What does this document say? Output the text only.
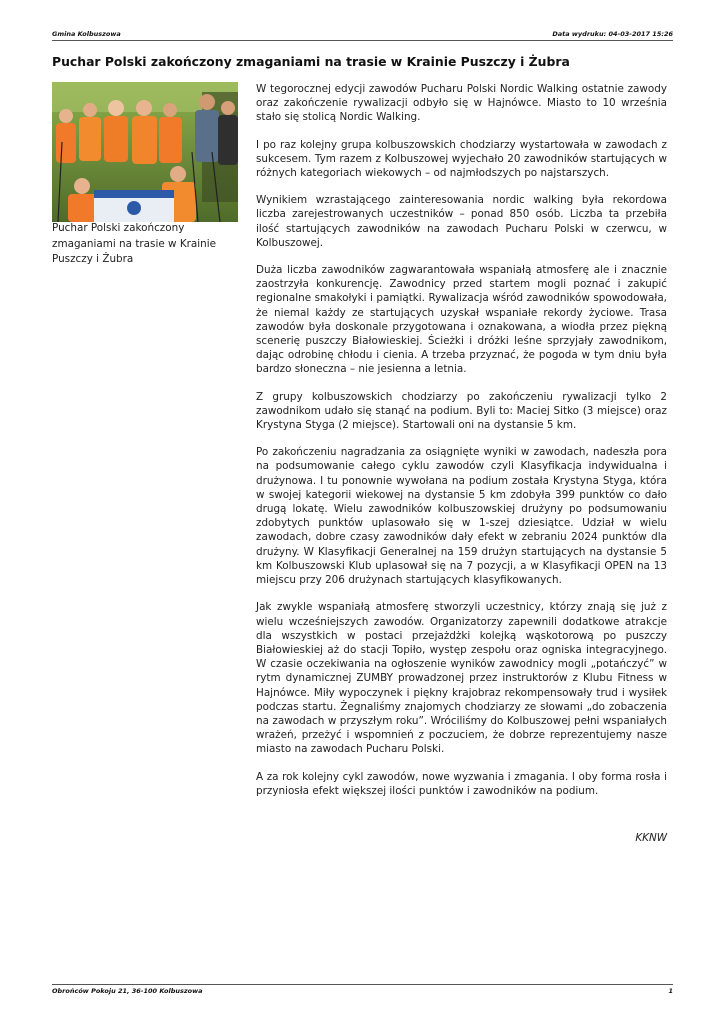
Gmina Kolbuszowa	Data wydruku: 04-03-2017 15:26
Puchar Polski zakończony zmaganiami na trasie w Krainie Puszczy i Żubra
Puchar Polski zakończony zmaganiami na trasie w Krainie Puszczy i Żubra

W tegorocznej edycji zawodów Pucharu Polski Nordic Walking ostatnie zawody oraz zakończenie rywalizacji odbyło się w Hajnówce. Miasto to 10 września stało się stolicą Nordic Walking.

I po raz kolejny grupa kolbuszowskich chodziarzy wystartowała w zawodach z sukcesem. Tym razem z Kolbuszowej wyjechało 20 zawodników startujących w różnych kategoriach wiekowych – od najmłodszych po najstarszych.

Wynikiem wzrastającego zainteresowania nordic walking była rekordowa liczba zarejestrowanych uczestników – ponad 850 osób. Liczba ta przebiła ilość startujących zawodników na zawodach Pucharu Polski w czerwcu, w Kolbuszowej.

Duża liczba zawodników zagwarantowała wspaniałą atmosferę ale i znacznie zaostrzyła konkurencję. Zawodnicy przed startem mogli poznać i zakupić regionalne smakołyki i pamiątki. Rywalizacja wśród zawodników spowodowała, że niemal każdy ze startujących uzyskał wspaniałe rekordy życiowe. Trasa zawodów była doskonale przygotowana i oznakowana, a wiodła przez piękną scenerię puszczy Białowieskiej. Ścieżki i dróżki leśne sprzyjały zawodnikom, dając odrobinę chłodu i cienia. A trzeba przyznać, że pogoda w tym dniu była bardzo słoneczna – nie jesienna a letnia.

Z grupy kolbuszowskich chodziarzy po zakończeniu rywalizacji tylko 2 zawodnikom udało się stanąć na podium. Byli to: Maciej Sitko (3 miejsce) oraz Krystyna Styga (2 miejsce). Startowali oni na dystansie 5 km.

Po zakończeniu nagradzania za osiągnięte wyniki w zawodach, nadeszła pora na podsumowanie całego cyklu zawodów czyli Klasyfikacja indywidualna i drużynowa. I tu ponownie wywołana na podium została Krystyna Styga, która w swojej kategorii wiekowej na dystansie 5 km zdobyła 399 punktów co dało drugą lokatę. Wielu zawodników kolbuszowskiej drużyny po podsumowaniu zdobytych punktów uplasowało się w 1-szej dziesiątce. Udział w wielu zawodach, dobre czasy zawodników dały efekt w zebraniu 2024 punktów dla drużyny. W Klasyfikacji Generalnej na 159 drużyn startujących na dystansie 5 km Kolbuszowski Klub uplasował się na 7 pozycji, a w Klasyfikacji OPEN na 13 miejscu przy 206 drużynach startujących klasyfikowanych.

Jak zwykle wspaniałą atmosferę stworzyli uczestnicy, którzy znają się już z wielu wcześniejszych zawodów. Organizatorzy zapewnili dodatkowe atrakcje dla wszystkich w postaci przejażdżki kolejką wąskotorową po puszczy Białowieskiej aż do stacji Topiło, występ zespołu oraz ogniska integracyjnego. W czasie oczekiwania na ogłoszenie wyników zawodnicy mogli „potańczyć” w rytm dynamicznej ZUMBY prowadzonej przez instruktorów z Klubu Fitness w Hajnówce. Miły wypoczynek i piękny krajobraz rekompensowały trud i wysiłek podczas startu. Żegnaliśmy znajomych chodziarzy ze słowami „do zobaczenia na zawodach w przyszłym roku”. Wróciliśmy do Kolbuszowej pełni wspaniałych wrażeń, przeżyć i wspomnień z poczuciem, że dobrze reprezentujemy nasze miasto na zawodach Pucharu Polski.

A za rok kolejny cykl zawodów, nowe wyzwania i zmagania. I oby forma rosła i przyniosła efekt większej ilości punktów i zawodników na podium.

KKNW
Obrońców Pokoju 21, 36-100 Kolbuszowa	1
